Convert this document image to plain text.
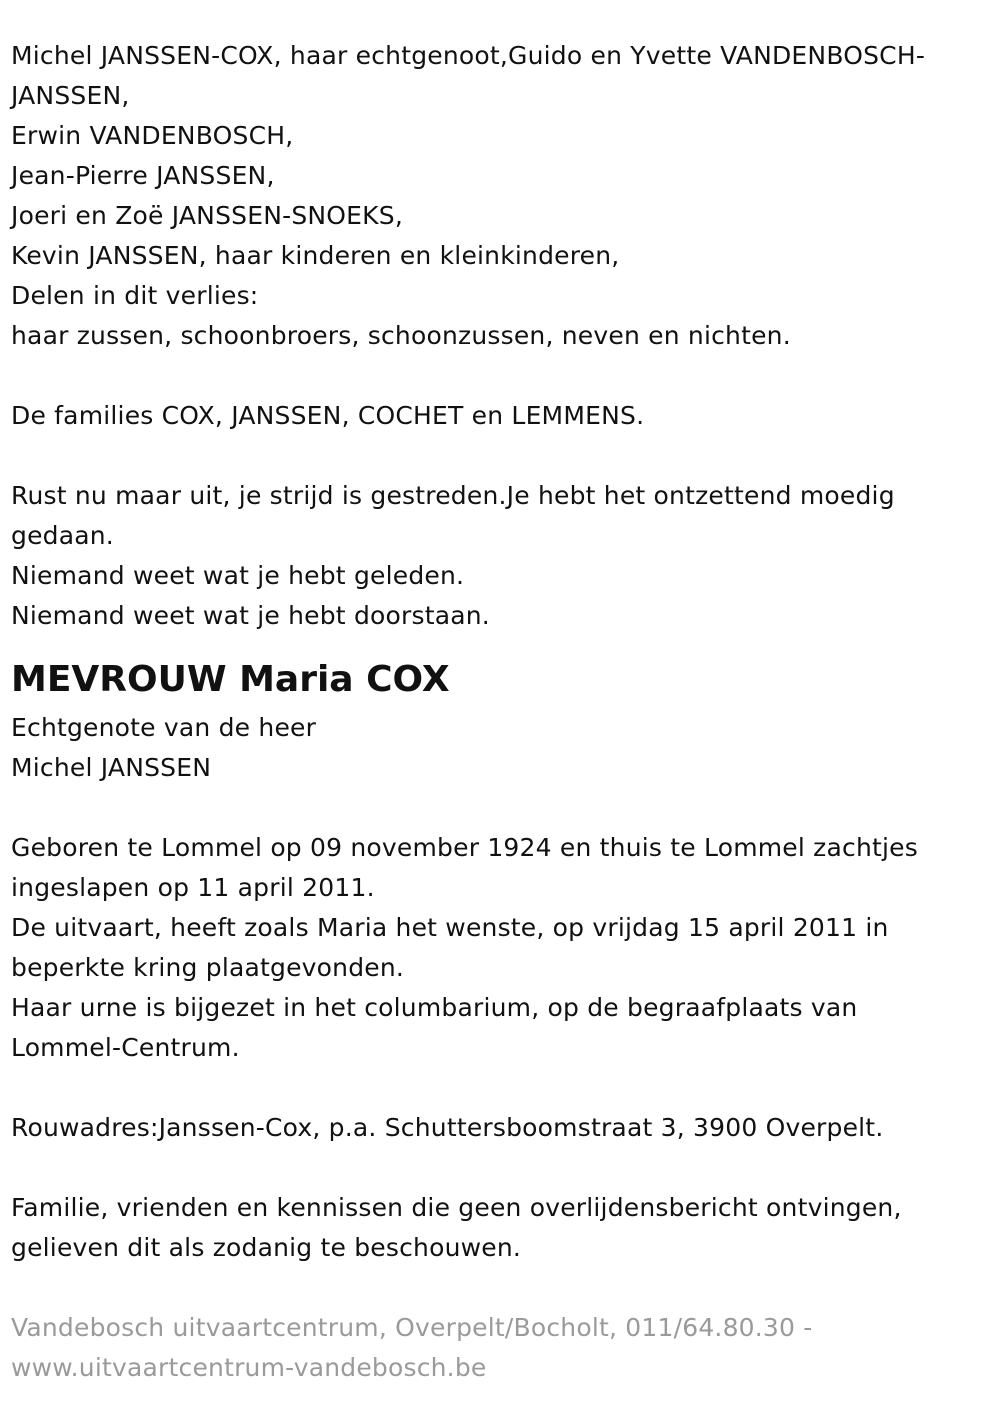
Michel JANSSEN-COX, haar echtgenoot,Guido en Yvette VANDENBOSCH-

JANSSEN,

Erwin VANDENBOSCH,

Jean-Pierre JANSSEN,

Joeri en Zoë JANSSEN-SNOEKS,

Kevin JANSSEN, haar kinderen en kleinkinderen,

Delen in dit verlies:

haar zussen, schoonbroers, schoonzussen, neven en nichten.

De families COX, JANSSEN, COCHET en LEMMENS.

Rust nu maar uit, je strijd is gestreden.Je hebt het ontzettend moedig

gedaan.

Niemand weet wat je hebt geleden.

Niemand weet wat je hebt doorstaan.

MEVROUW Maria COX

Echtgenote van de heer

Michel JANSSEN

Geboren te Lommel op 09 november 1924 en thuis te Lommel zachtjes

ingeslapen op 11 april 2011.

De uitvaart, heeft zoals Maria het wenste, op vrijdag 15 april 2011 in

beperkte kring plaatgevonden.

Haar urne is bijgezet in het columbarium, op de begraafplaats van

Lommel-Centrum.

Rouwadres:Janssen-Cox, p.a. Schuttersboomstraat 3, 3900 Overpelt.

Familie, vrienden en kennissen die geen overlijdensbericht ontvingen,

gelieven dit als zodanig te beschouwen.

Vandebosch uitvaartcentrum, Overpelt/Bocholt, 011/64.80.30 -

www.uitvaartcentrum-vandebosch.be
